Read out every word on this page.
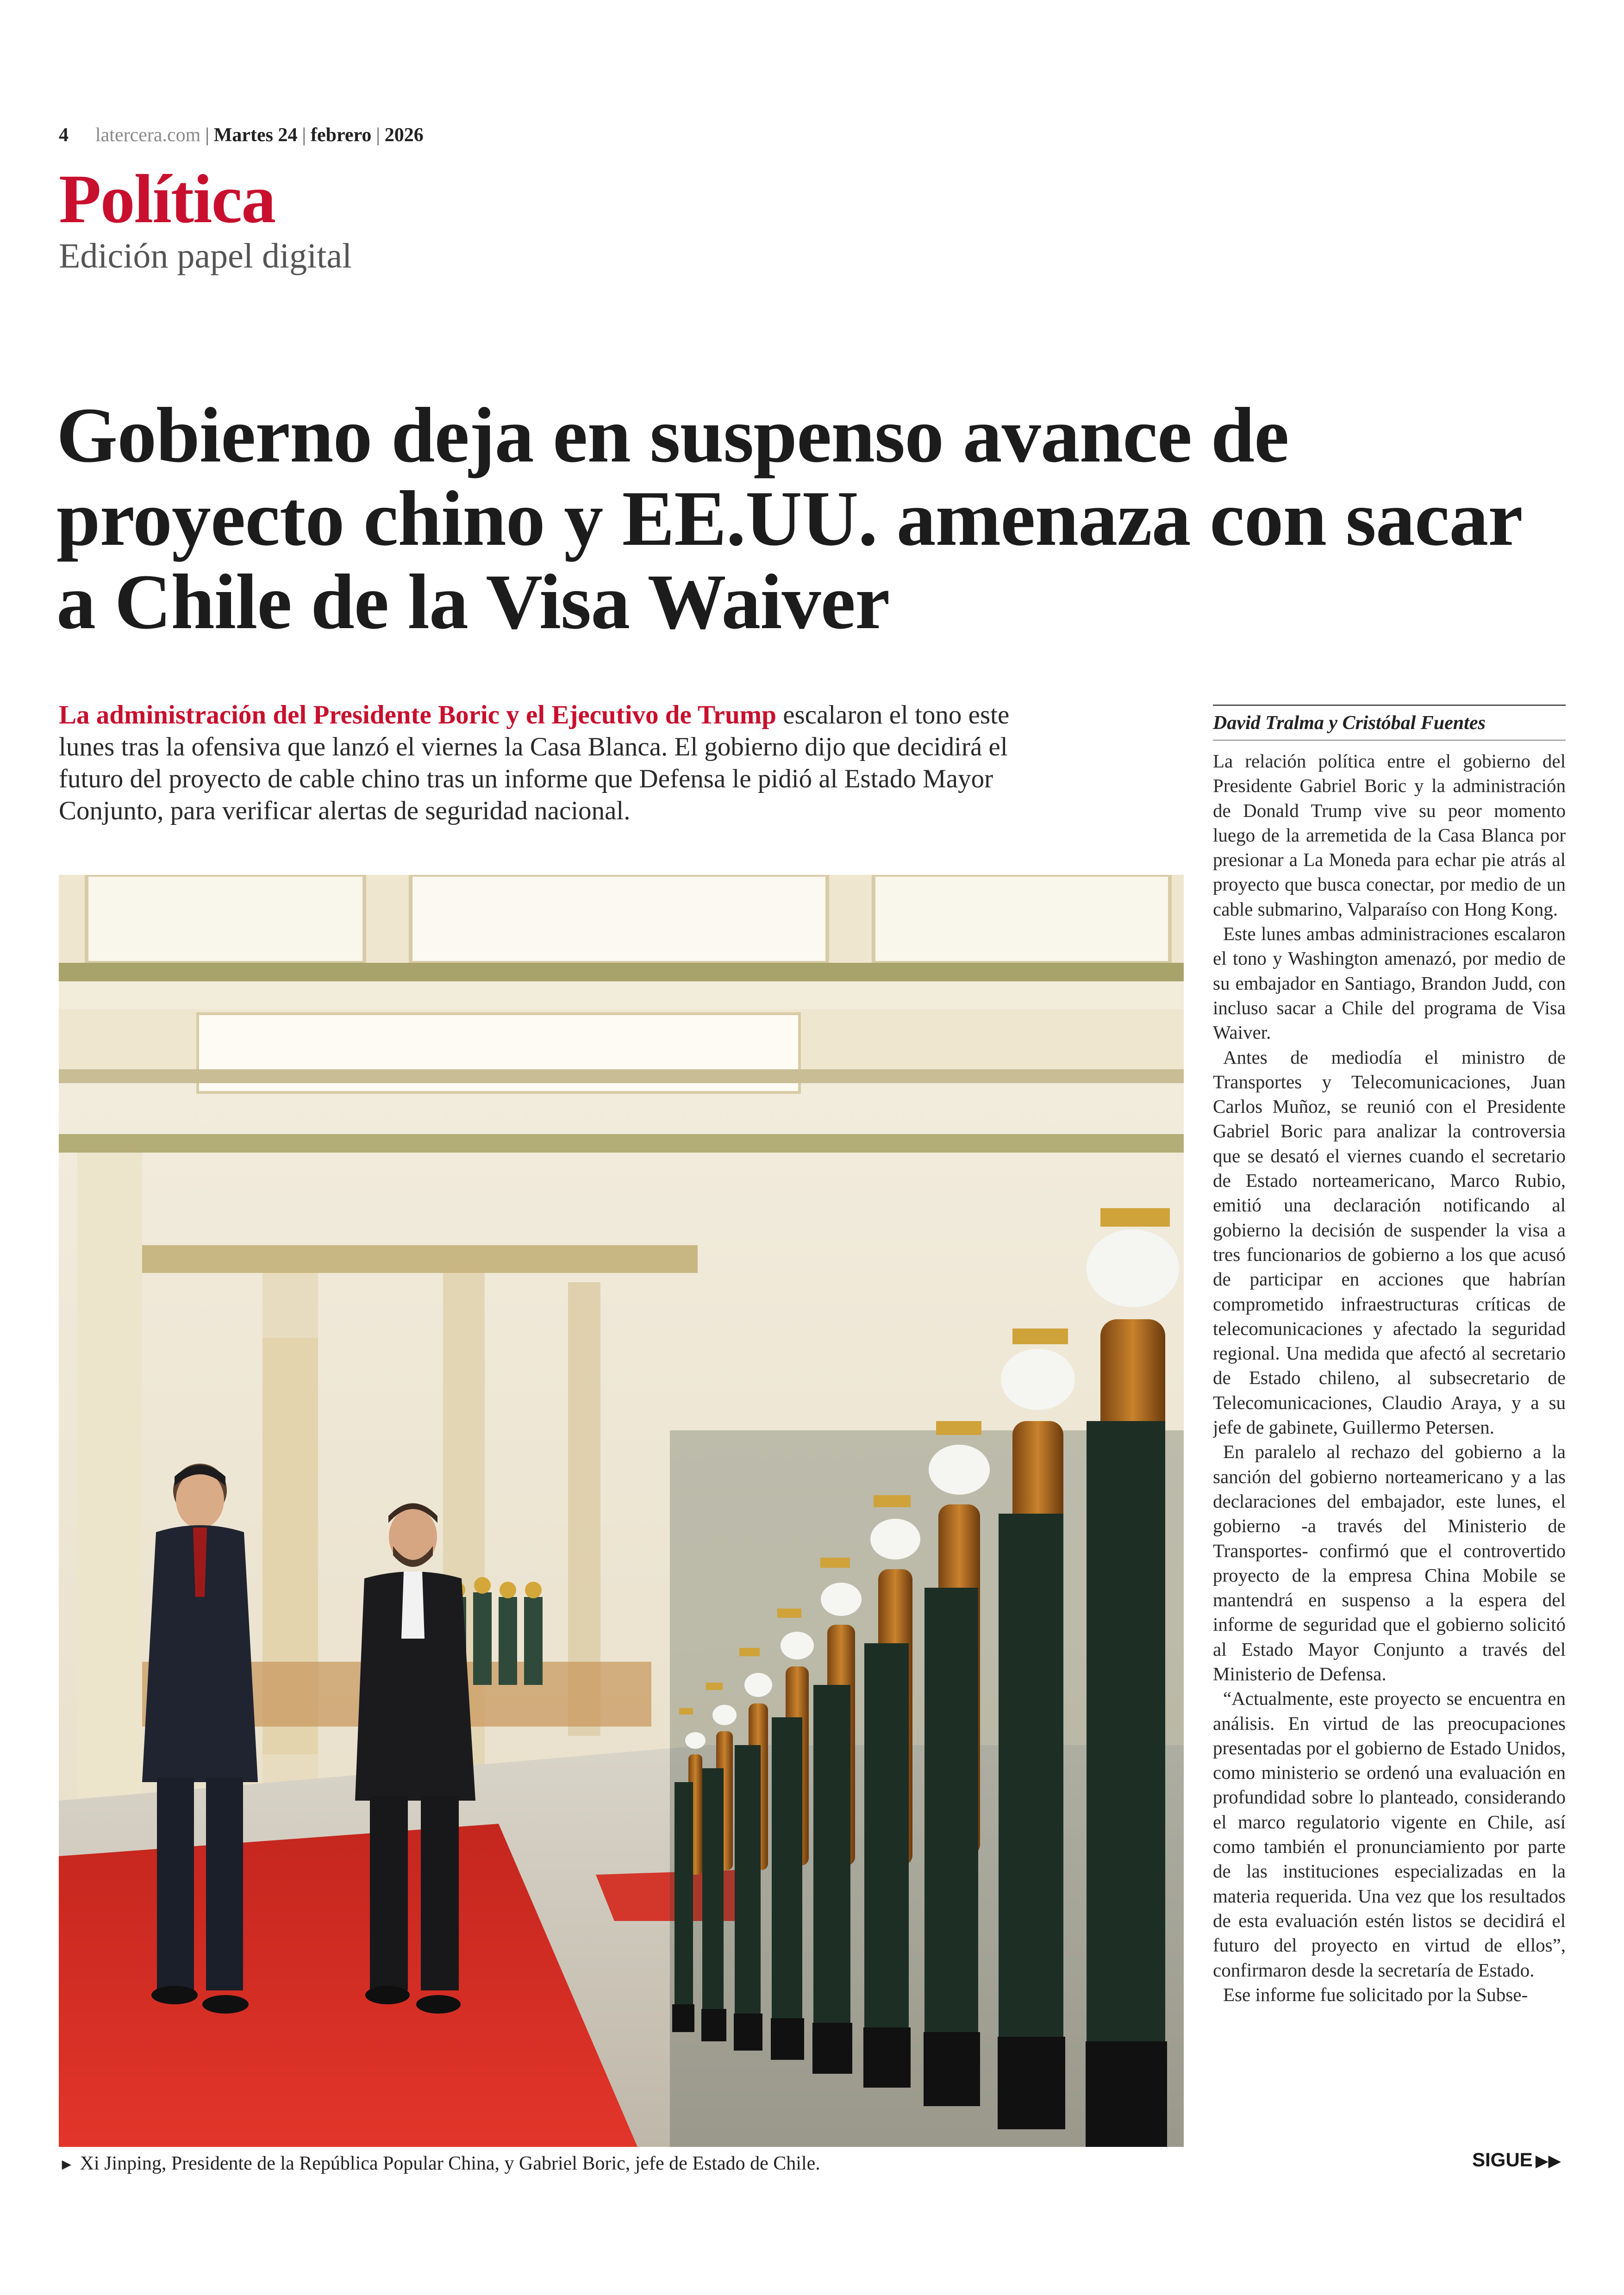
4 latercera.com | Martes 24 | febrero | 2026
Política
Edición papel digital
Gobierno deja en suspenso avance de proyecto chino y EE.UU. amenaza con sacar a Chile de la Visa Waiver

La administración del Presidente Boric y el Ejecutivo de Trump escalaron el tono este lunes tras la ofensiva que lanzó el viernes la Casa Blanca. El gobierno dijo que decidirá el futuro del proyecto de cable chino tras un informe que Defensa le pidió al Estado Mayor Conjunto, para verificar alertas de seguridad nacional.

► Xi Jinping, Presidente de la República Popular China, y Gabriel Boric, jefe de Estado de Chile.
David Tralma y Cristóbal Fuentes

La relación política entre el gobierno del Presidente Gabriel Boric y la administración de Donald Trump vive su peor momento luego de la arremetida de la Casa Blanca por presionar a La Moneda para echar pie atrás al proyecto que busca conectar, por medio de un cable submarino, Valparaíso con Hong Kong.

Este lunes ambas administraciones escalaron el tono y Washington amenazó, por medio de su embajador en Santiago, Brandon Judd, con incluso sacar a Chile del programa de Visa Waiver.

Antes de mediodía el ministro de Transportes y Telecomunicaciones, Juan Carlos Muñoz, se reunió con el Presidente Gabriel Boric para analizar la controversia que se desató el viernes cuando el secretario de Estado norteamericano, Marco Rubio, emitió una declaración notificando al gobierno la decisión de suspender la visa a tres funcionarios de gobierno a los que acusó de participar en acciones que habrían comprometido infraestructuras críticas de telecomunicaciones y afectado la seguridad regional. Una medida que afectó al secretario de Estado chileno, al subsecretario de Telecomunicaciones, Claudio Araya, y a su jefe de gabinete, Guillermo Petersen.

En paralelo al rechazo del gobierno a la sanción del gobierno norteamericano y a las declaraciones del embajador, este lunes, el gobierno -a través del Ministerio de Transportes- confirmó que el controvertido proyecto de la empresa China Mobile se mantendrá en suspenso a la espera del informe de seguridad que el gobierno solicitó al Estado Mayor Conjunto a través del Ministerio de Defensa.

“Actualmente, este proyecto se encuentra en análisis. En virtud de las preocupaciones presentadas por el gobierno de Estado Unidos, como ministerio se ordenó una evaluación en profundidad sobre lo planteado, considerando el marco regulatorio vigente en Chile, así como también el pronunciamiento por parte de las instituciones especializadas en la materia requerida. Una vez que los resultados de esta evaluación estén listos se decidirá el futuro del proyecto en virtud de ellos”, confirmaron desde la secretaría de Estado.

Ese informe fue solicitado por la Subse-

SIGUE ▶▶
